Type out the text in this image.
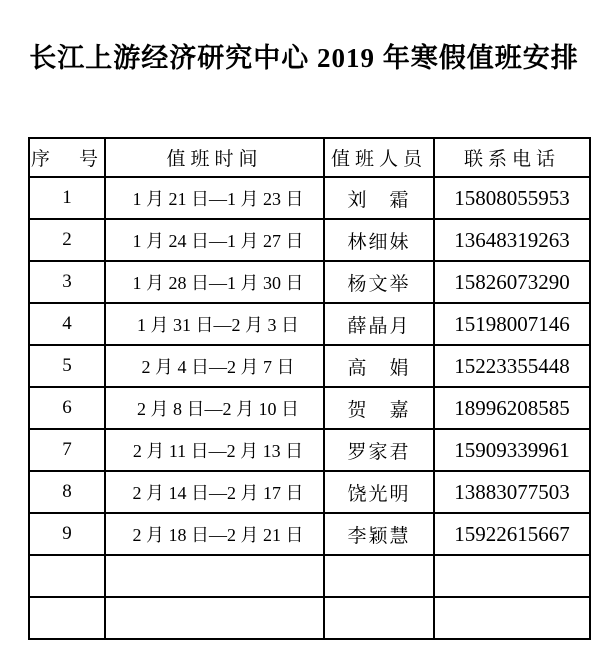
长江上游经济研究中心 2019 年寒假值班安排
序　号	值班时间	值班人员	联系电话
1	1 月 21 日—1 月 23 日	刘　霜	15808055953
2	1 月 24 日—1 月 27 日	林细妹	13648319263
3	1 月 28 日—1 月 30 日	杨文举	15826073290
4	1 月 31 日—2 月 3 日	薛晶月	15198007146
5	2 月 4 日—2 月 7 日	高　娟	15223355448
6	2 月 8 日—2 月 10 日	贺　嘉	18996208585
7	2 月 11 日—2 月 13 日	罗家君	15909339961
8	2 月 14 日—2 月 17 日	饶光明	13883077503
9	2 月 18 日—2 月 21 日	李颖慧	15922615667
